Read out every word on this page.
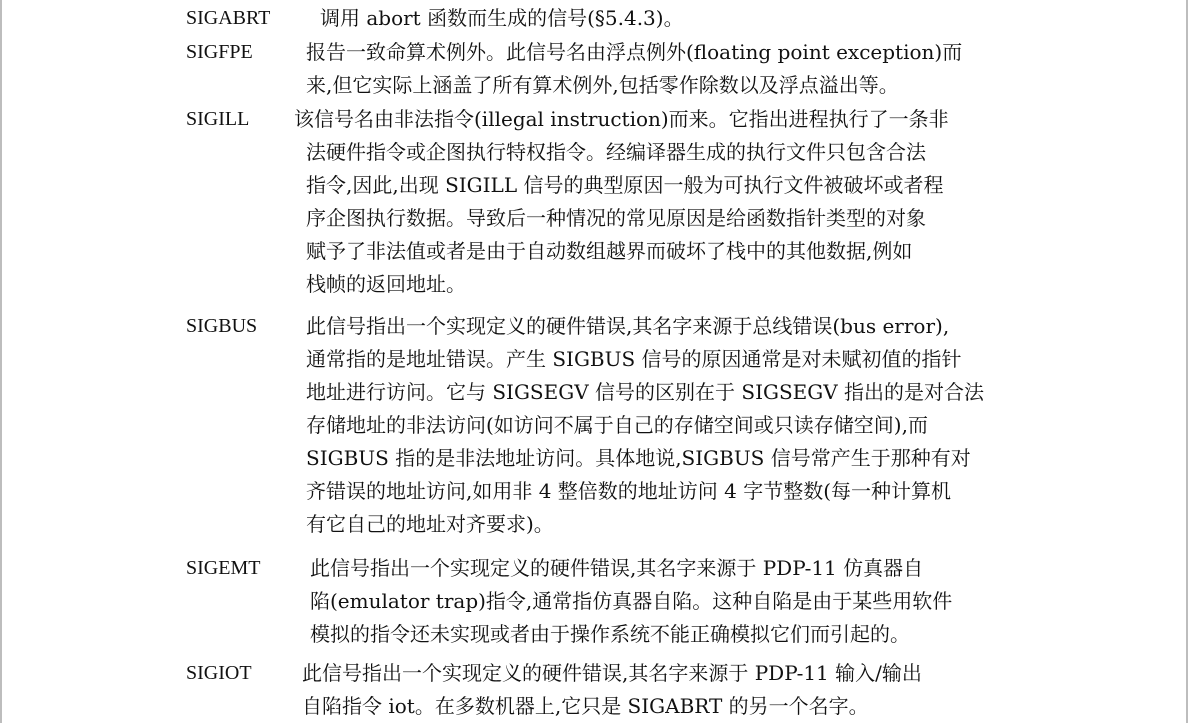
SIGABRT 调用 abort 函数而生成的信号(§5.4.3)。
SIGFPE	报告一致命算术例外。此信号名由浮点例外(floating point exception)而
来,但它实际上涵盖了所有算术例外,包括零作除数以及浮点溢出等。
SIGILL 该信号名由非法指令(illegal instruction)而来。它指出进程执行了一条非
法硬件指令或企图执行特权指令。经编译器生成的执行文件只包含合法
指令,因此,出现 SIGILL 信号的典型原因一般为可执行文件被破坏或者程
序企图执行数据。导致后一种情况的常见原因是给函数指针类型的对象
赋予了非法值或者是由于自动数组越界而破坏了栈中的其他数据,例如
栈帧的返回地址。
SIGBUS 此信号指出一个实现定义的硬件错误,其名字来源于总线错误(bus error),
通常指的是地址错误。产生 SIGBUS 信号的原因通常是对未赋初值的指针
地址进行访问。它与 SIGSEGV 信号的区别在于 SIGSEGV 指出的是对合法
存储地址的非法访问(如访问不属于自己的存储空间或只读存储空间),而
SIGBUS 指的是非法地址访问。具体地说,SIGBUS 信号常产生于那种有对
齐错误的地址访问,如用非 4 整倍数的地址访问 4 字节整数(每一种计算机
有它自己的地址对齐要求)。
SIGEMT 此信号指出一个实现定义的硬件错误,其名字来源于 PDP-11 仿真器自
陷(emulator trap)指令,通常指仿真器自陷。这种自陷是由于某些用软件
模拟的指令还未实现或者由于操作系统不能正确模拟它们而引起的。
SIGIOT	此信号指出一个实现定义的硬件错误,其名字来源于 PDP-11 输入/输出
自陷指令 iot。在多数机器上,它只是 SIGABRT 的另一个名字。
